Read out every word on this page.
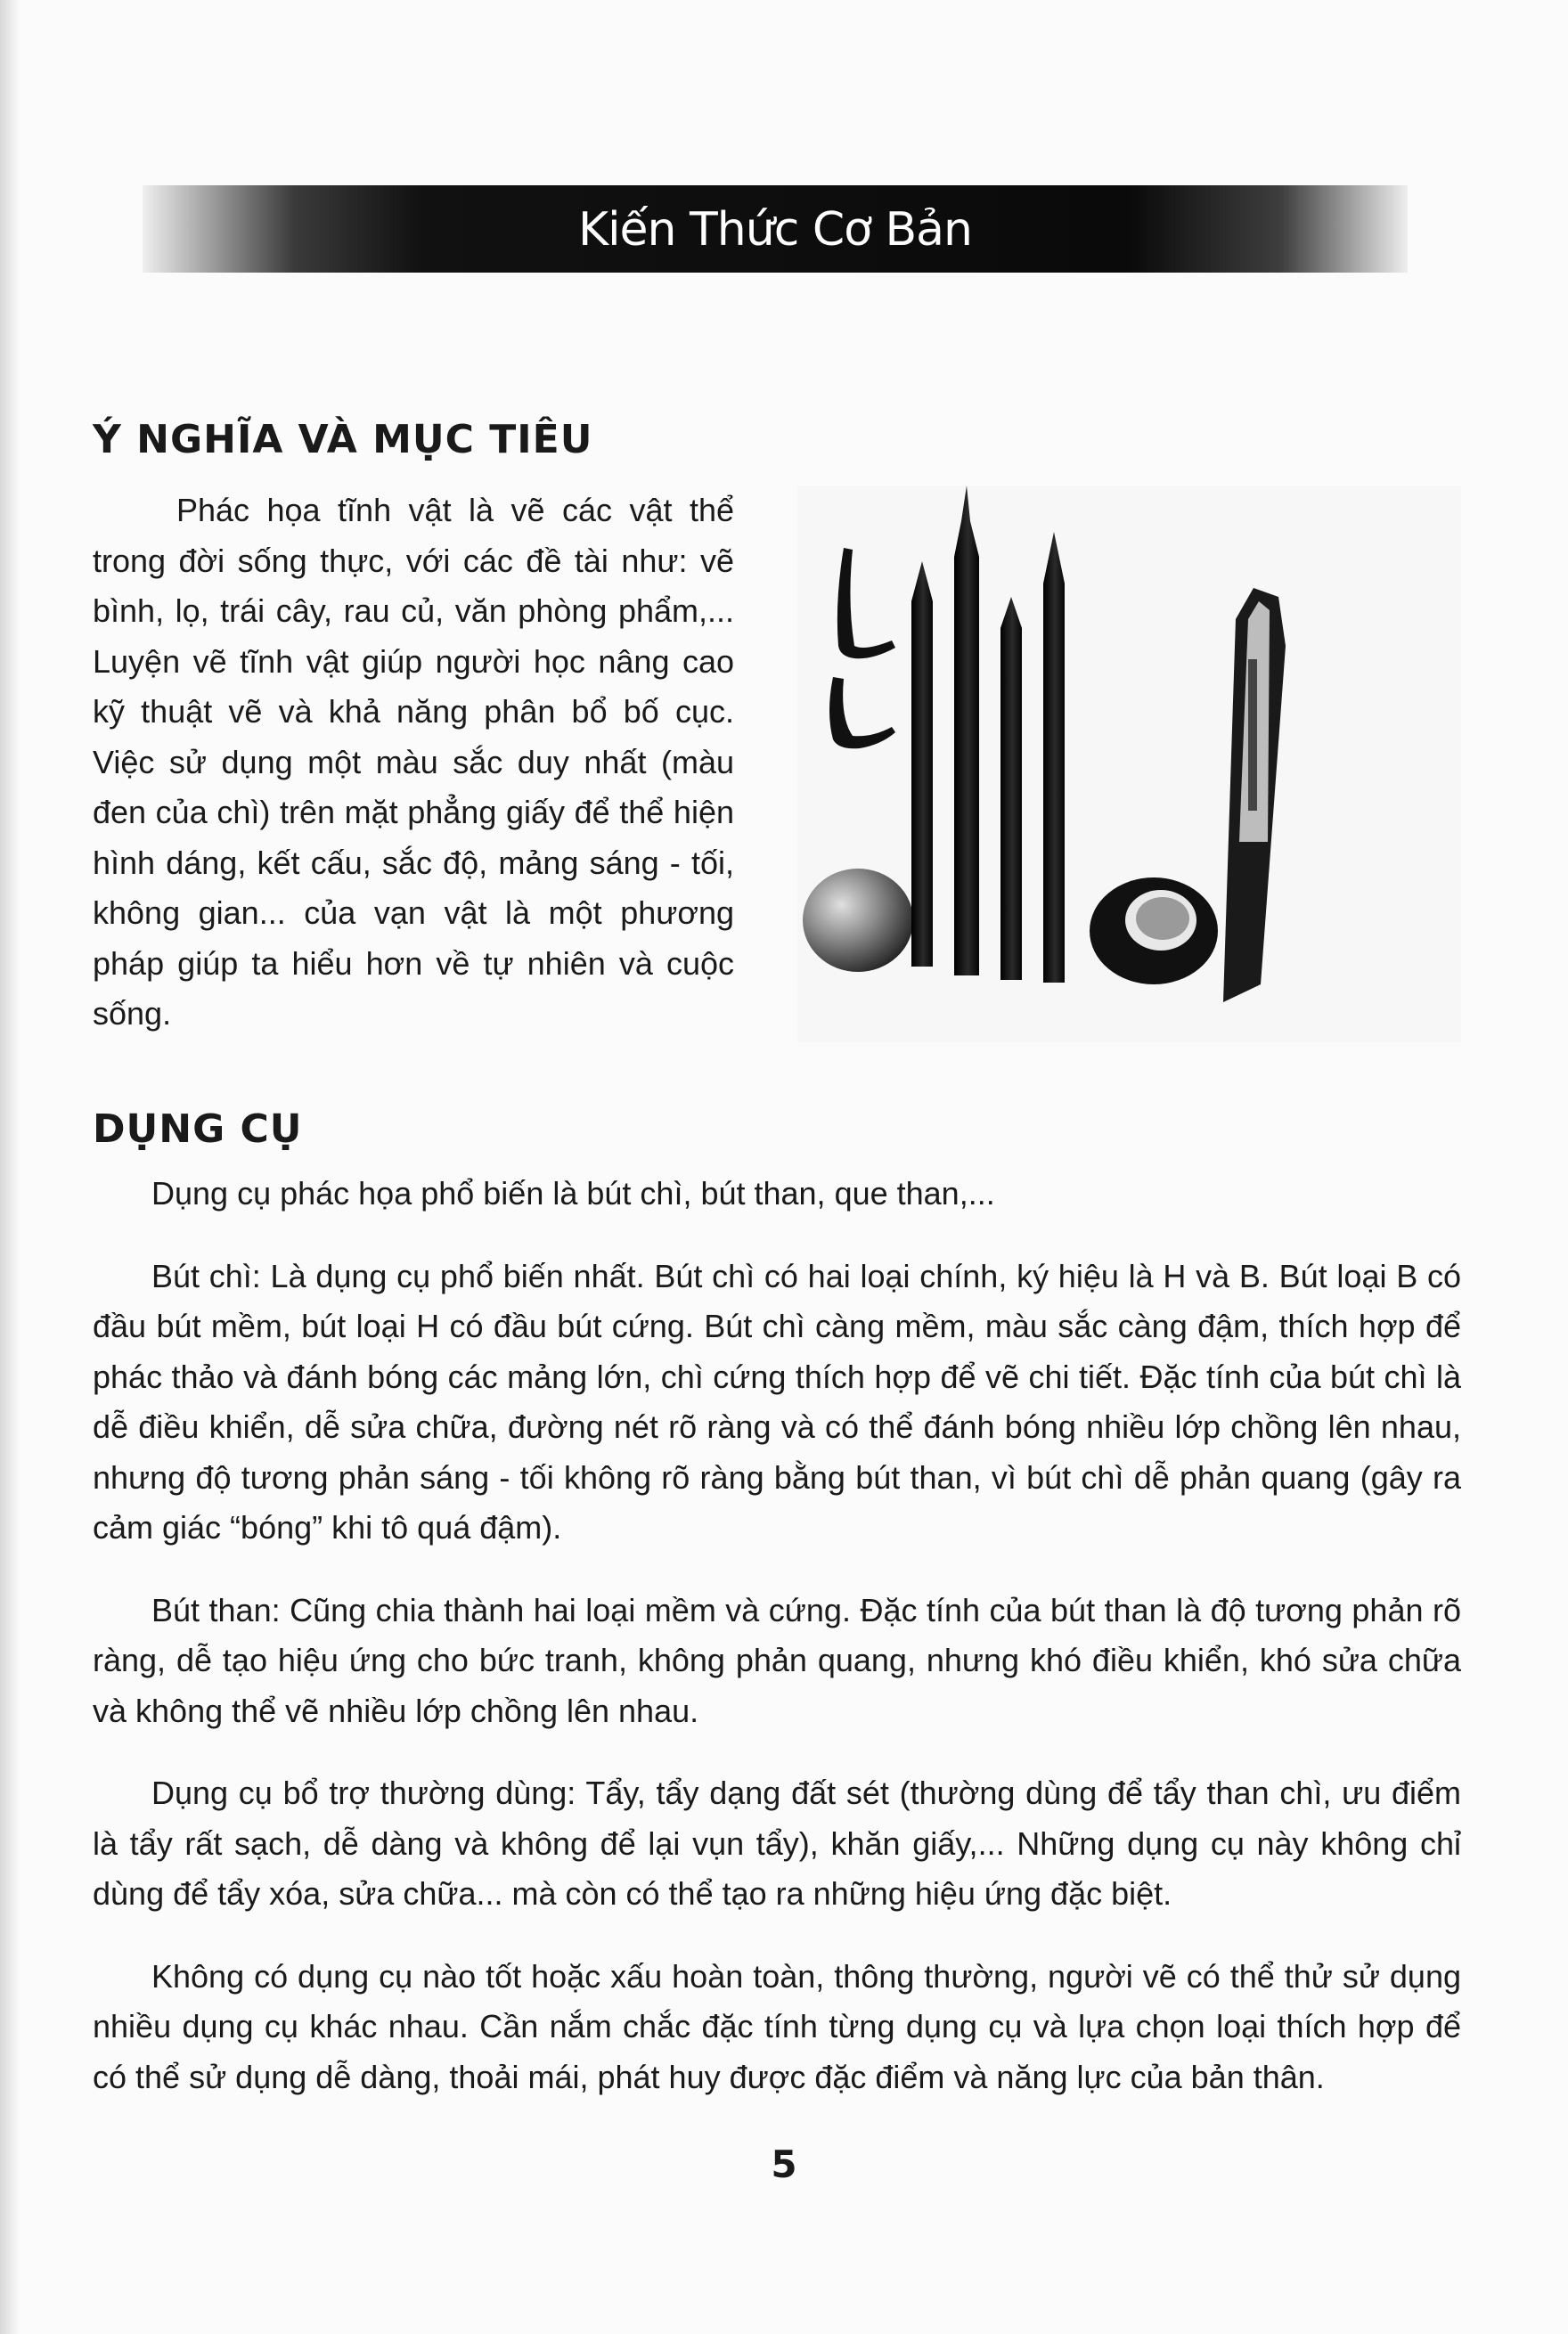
Kiến Thức Cơ Bản
Ý NGHĨA VÀ MỤC TIÊU
Phác họa tĩnh vật là vẽ các vật thể trong đời sống thực, với các đề tài như: vẽ bình, lọ, trái cây, rau củ, văn phòng phẩm,... Luyện vẽ tĩnh vật giúp người học nâng cao kỹ thuật vẽ và khả năng phân bổ bố cục. Việc sử dụng một màu sắc duy nhất (màu đen của chì) trên mặt phẳng giấy để thể hiện hình dáng, kết cấu, sắc độ, mảng sáng - tối, không gian... của vạn vật là một phương pháp giúp ta hiểu hơn về tự nhiên và cuộc sống.
DỤNG CỤ

Dụng cụ phác họa phổ biến là bút chì, bút than, que than,...

Bút chì: Là dụng cụ phổ biến nhất. Bút chì có hai loại chính, ký hiệu là H và B. Bút loại B có đầu bút mềm, bút loại H có đầu bút cứng. Bút chì càng mềm, màu sắc càng đậm, thích hợp để phác thảo và đánh bóng các mảng lớn, chì cứng thích hợp để vẽ chi tiết. Đặc tính của bút chì là dễ điều khiển, dễ sửa chữa, đường nét rõ ràng và có thể đánh bóng nhiều lớp chồng lên nhau, nhưng độ tương phản sáng - tối không rõ ràng bằng bút than, vì bút chì dễ phản quang (gây ra cảm giác “bóng” khi tô quá đậm).

Bút than: Cũng chia thành hai loại mềm và cứng. Đặc tính của bút than là độ tương phản rõ ràng, dễ tạo hiệu ứng cho bức tranh, không phản quang, nhưng khó điều khiển, khó sửa chữa và không thể vẽ nhiều lớp chồng lên nhau.

Dụng cụ bổ trợ thường dùng: Tẩy, tẩy dạng đất sét (thường dùng để tẩy than chì, ưu điểm là tẩy rất sạch, dễ dàng và không để lại vụn tẩy), khăn giấy,... Những dụng cụ này không chỉ dùng để tẩy xóa, sửa chữa... mà còn có thể tạo ra những hiệu ứng đặc biệt.

Không có dụng cụ nào tốt hoặc xấu hoàn toàn, thông thường, người vẽ có thể thử sử dụng nhiều dụng cụ khác nhau. Cần nắm chắc đặc tính từng dụng cụ và lựa chọn loại thích hợp để có thể sử dụng dễ dàng, thoải mái, phát huy được đặc điểm và năng lực của bản thân.

5
